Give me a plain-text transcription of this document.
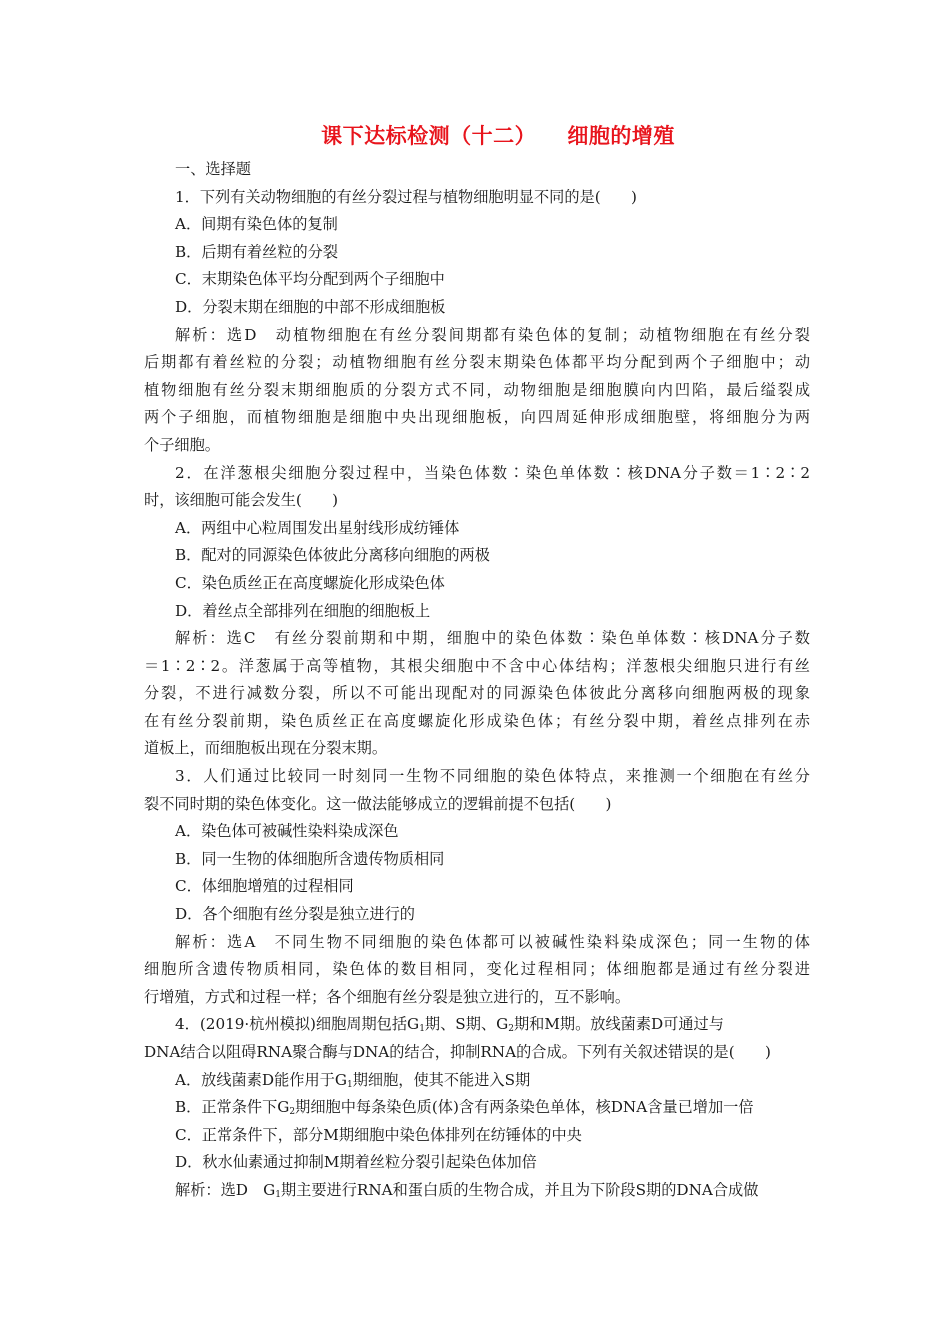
课下达标检测（十二）    细胞的增殖
一、选择题
1．下列有关动物细胞的有丝分裂过程与植物细胞明显不同的是(　　)
A．间期有染色体的复制
B．后期有着丝粒的分裂
C．末期染色体平均分配到两个子细胞中
D．分裂末期在细胞的中部不形成细胞板
解析：选D　动植物细胞在有丝分裂间期都有染色体的复制；动植物细胞在有丝分裂
后期都有着丝粒的分裂；动植物细胞有丝分裂末期染色体都平均分配到两个子细胞中；动
植物细胞有丝分裂末期细胞质的分裂方式不同，动物细胞是细胞膜向内凹陷，最后缢裂成
两个子细胞，而植物细胞是细胞中央出现细胞板，向四周延伸形成细胞壁，将细胞分为两
个子细胞。
2．在洋葱根尖细胞分裂过程中，当染色体数∶染色单体数∶核DNA分子数＝1∶2∶2
时，该细胞可能会发生(　　)
A．两组中心粒周围发出星射线形成纺锤体
B．配对的同源染色体彼此分离移向细胞的两极
C．染色质丝正在高度螺旋化形成染色体
D．着丝点全部排列在细胞的细胞板上
解析：选C　有丝分裂前期和中期，细胞中的染色体数∶染色单体数∶核DNA分子数
＝1∶2∶2。洋葱属于高等植物，其根尖细胞中不含中心体结构；洋葱根尖细胞只进行有丝
分裂，不进行减数分裂，所以不可能出现配对的同源染色体彼此分离移向细胞两极的现象
在有丝分裂前期，染色质丝正在高度螺旋化形成染色体；有丝分裂中期，着丝点排列在赤
道板上，而细胞板出现在分裂末期。
3．人们通过比较同一时刻同一生物不同细胞的染色体特点，来推测一个细胞在有丝分
裂不同时期的染色体变化。这一做法能够成立的逻辑前提不包括(　　)
A．染色体可被碱性染料染成深色
B．同一生物的体细胞所含遗传物质相同
C．体细胞增殖的过程相同
D．各个细胞有丝分裂是独立进行的
解析：选A　不同生物不同细胞的染色体都可以被碱性染料染成深色；同一生物的体
细胞所含遗传物质相同，染色体的数目相同，变化过程相同；体细胞都是通过有丝分裂进
行增殖，方式和过程一样；各个细胞有丝分裂是独立进行的，互不影响。
4．(2019·杭州模拟)细胞周期包括$G_1$期、S期、$G_2$期和M期。放线菌素D可通过与
DNA结合以阻碍RNA聚合酶与DNA的结合，抑制RNA的合成。下列有关叙述错误的是(　　)
A．放线菌素D能作用于$G_1$期细胞，使其不能进入S期
B．正常条件下$G_2$期细胞中每条染色质(体)含有两条染色单体，核DNA含量已增加一倍
C．正常条件下，部分M期细胞中染色体排列在纺锤体的中央
D．秋水仙素通过抑制M期着丝粒分裂引起染色体加倍
解析：选D　$G_1$期主要进行RNA和蛋白质的生物合成，并且为下阶段S期的DNA合成做
